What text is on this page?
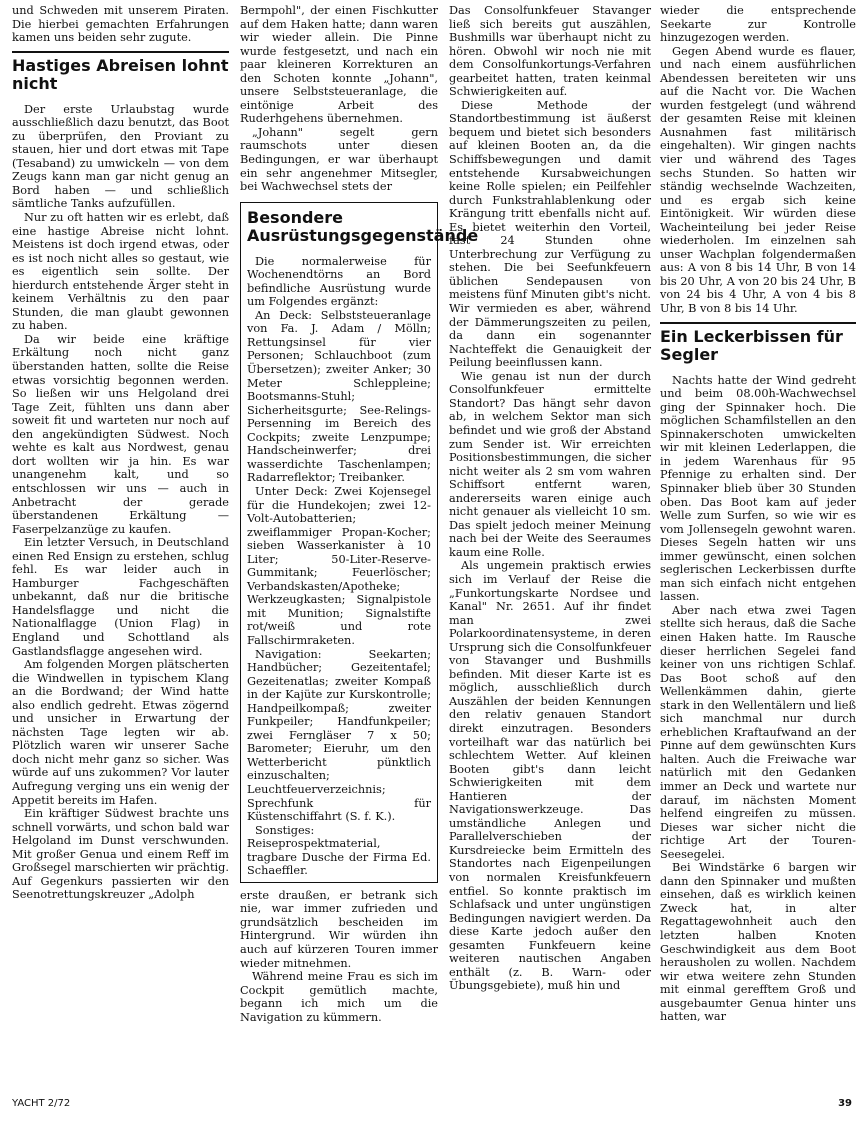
und Schweden mit unserem Piraten. Die hierbei gemachten Erfahrungen kamen uns beiden sehr zugute.

Hastiges Abreisen lohnt nicht

Der erste Urlaubstag wurde ausschließlich dazu benutzt, das Boot zu überprüfen, den Proviant zu stauen, hier und dort etwas mit Tape (Tesaband) zu umwickeln — von dem Zeugs kann man gar nicht genug an Bord haben — und schließlich sämtliche Tanks aufzufüllen.

Nur zu oft hatten wir es erlebt, daß eine hastige Abreise nicht lohnt. Meistens ist doch irgend etwas, oder es ist noch nicht alles so gestaut, wie es eigentlich sein sollte. Der hierdurch entstehende Ärger steht in keinem Verhältnis zu den paar Stunden, die man glaubt gewonnen zu haben.

Da wir beide eine kräftige Erkältung noch nicht ganz überstanden hatten, sollte die Reise etwas vorsichtig begonnen werden. So ließen wir uns Helgoland drei Tage Zeit, fühlten uns dann aber soweit fit und warteten nur noch auf den angekündigten Südwest. Noch wehte es kalt aus Nordwest, genau dort wollten wir ja hin. Es war unangenehm kalt, und so entschlossen wir uns — auch in Anbetracht der gerade überstandenen Erkältung — Faserpelzanzüge zu kaufen.

Ein letzter Versuch, in Deutschland einen Red Ensign zu erstehen, schlug fehl. Es war leider auch in Hamburger Fachgeschäften unbekannt, daß nur die britische Handelsflagge und nicht die Nationalflagge (Union Flag) in England und Schottland als Gastlandsflagge angesehen wird.

Am folgenden Morgen plätscherten die Windwellen in typischem Klang an die Bordwand; der Wind hatte also endlich gedreht. Etwas zögernd und unsicher in Erwartung der nächsten Tage legten wir ab. Plötzlich waren wir unserer Sache doch nicht mehr ganz so sicher. Was würde auf uns zukommen? Vor lauter Aufregung verging uns ein wenig der Appetit bereits im Hafen.

Ein kräftiger Südwest brachte uns schnell vorwärts, und schon bald war Helgoland im Dunst verschwunden. Mit großer Genua und einem Reff im Großsegel marschierten wir prächtig. Auf Gegenkurs passierten wir den Seenotrettungskreuzer „Adolph

Bermpohl", der einen Fischkutter auf dem Haken hatte; dann waren wir wieder allein. Die Pinne wurde festgesetzt, und nach ein paar kleineren Korrekturen an den Schoten konnte „Johann", unsere Selbststeueranlage, die eintönige Arbeit des Ruderhgehens übernehmen.

„Johann" segelt gern raumschots unter diesen Bedingungen, er war überhaupt ein sehr angenehmer Mitsegler, bei Wachwechsel stets der

Besondere Ausrüstungsgegenstände

Die normalerweise für Wochenendtörns an Bord befindliche Ausrüstung wurde um Folgendes ergänzt:

An Deck: Selbststeueranlage von Fa. J. Adam / Mölln; Rettungsinsel für vier Personen; Schlauchboot (zum Übersetzen); zweiter Anker; 30 Meter Schleppleine; Bootsmanns-Stuhl; Sicherheitsgurte; See-Relings-Persenning im Bereich des Cockpits; zweite Lenzpumpe; Handscheinwerfer; drei wasserdichte Taschenlampen; Radarreflektor; Treibanker.

Unter Deck: Zwei Kojensegel für die Hundekojen; zwei 12-Volt-Autobatterien; zweiflammiger Propan-Kocher; sieben Wasserkanister à 10 Liter; 50-Liter-Reserve-Gummitank; Feuerlöscher; Verbandskasten/Apotheke; Werkzeugkasten; Signalpistole mit Munition; Signalstifte rot/weiß und rote Fallschirmraketen.

Navigation: Seekarten; Handbücher; Gezeitentafel; Gezeitenatlas; zweiter Kompaß in der Kajüte zur Kurskontrolle; Handpeilkompaß; zweiter Funkpeiler; Handfunkpeiler; zwei Ferngläser 7 x 50; Barometer; Eieruhr, um den Wetterbericht pünktlich einzuschalten; Leuchtfeuerverzeichnis; Sprechfunk für Küstenschiffahrt (S. f. K.).

Sonstiges: Reiseprospektmaterial, tragbare Dusche der Firma Ed. Schaeffler.

erste draußen, er betrank sich nie, war immer zufrieden und grundsätzlich bescheiden im Hintergrund. Wir würden ihn auch auf kürzeren Touren immer wieder mitnehmen.

Während meine Frau es sich im Cockpit gemütlich machte, begann ich mich um die Navigation zu kümmern.

Das Consolfunkfeuer Stavanger ließ sich bereits gut auszählen, Bushmills war überhaupt nicht zu hören. Obwohl wir noch nie mit dem Consolfunkortungs-Verfahren gearbeitet hatten, traten keinmal Schwierigkeiten auf.

Diese Methode der Standortbestimmung ist äußerst bequem und bietet sich besonders auf kleinen Booten an, da die Schiffsbewegungen und damit entstehende Kursabweichungen keine Rolle spielen; ein Peilfehler durch Funkstrahlablenkung oder Krängung tritt ebenfalls nicht auf. Es bietet weiterhin den Vorteil, fast 24 Stunden ohne Unterbrechung zur Verfügung zu stehen. Die bei Seefunkfeuern üblichen Sendepausen von meistens fünf Minuten gibt's nicht. Wir vermieden es aber, während der Dämmerungszeiten zu peilen, da dann ein sogenannter Nachteffekt die Genauigkeit der Peilung beeinflussen kann.

Wie genau ist nun der durch Consolfunkfeuer ermittelte Standort? Das hängt sehr davon ab, in welchem Sektor man sich befindet und wie groß der Abstand zum Sender ist. Wir erreichten Positionsbestimmungen, die sicher nicht weiter als 2 sm vom wahren Schiffsort entfernt waren, andererseits waren einige auch nicht genauer als vielleicht 10 sm. Das spielt jedoch meiner Meinung nach bei der Weite des Seeraumes kaum eine Rolle.

Als ungemein praktisch erwies sich im Verlauf der Reise die „Funkortungskarte Nordsee und Kanal" Nr. 2651. Auf ihr findet man zwei Polarkoordinatensysteme, in deren Ursprung sich die Consolfunkfeuer von Stavanger und Bushmills befinden. Mit dieser Karte ist es möglich, ausschließlich durch Auszählen der beiden Kennungen den relativ genauen Standort direkt einzutragen. Besonders vorteilhaft war das natürlich bei schlechtem Wetter. Auf kleinen Booten gibt's dann leicht Schwierigkeiten mit dem Hantieren der Navigationswerkzeuge. Das umständliche Anlegen und Parallelverschieben der Kursdreiecke beim Ermitteln des Standortes nach Eigenpeilungen von normalen Kreisfunkfeuern entfiel. So konnte praktisch im Schlafsack und unter ungünstigen Bedingungen navigiert werden. Da diese Karte jedoch außer den gesamten Funkfeuern keine weiteren nautischen Angaben enthält (z. B. Warn- oder Übungsgebiete), muß hin und

wieder die entsprechende Seekarte zur Kontrolle hinzugezogen werden.

Gegen Abend wurde es flauer, und nach einem ausführlichen Abendessen bereiteten wir uns auf die Nacht vor. Die Wachen wurden festgelegt (und während der gesamten Reise mit kleinen Ausnahmen fast militärisch eingehalten). Wir gingen nachts vier und während des Tages sechs Stunden. So hatten wir ständig wechselnde Wachzeiten, und es ergab sich keine Eintönigkeit. Wir würden diese Wacheinteilung bei jeder Reise wiederholen. Im einzelnen sah unser Wachplan folgendermaßen aus: A von 8 bis 14 Uhr, B von 14 bis 20 Uhr, A von 20 bis 24 Uhr, B von 24 bis 4 Uhr, A von 4 bis 8 Uhr, B von 8 bis 14 Uhr.

Ein Leckerbissen für Segler

Nachts hatte der Wind gedreht und beim 08.00h-Wachwechsel ging der Spinnaker hoch. Die möglichen Schamfilstellen an den Spinnakerschoten umwickelten wir mit kleinen Lederlappen, die in jedem Warenhaus für 95 Pfennige zu erhalten sind. Der Spinnaker blieb über 30 Stunden oben. Das Boot kam auf jeder Welle zum Surfen, so wie wir es vom Jollensegeln gewohnt waren. Dieses Segeln hatten wir uns immer gewünscht, einen solchen seglerischen Leckerbissen durfte man sich einfach nicht entgehen lassen.

Aber nach etwa zwei Tagen stellte sich heraus, daß die Sache einen Haken hatte. Im Rausche dieser herrlichen Segelei fand keiner von uns richtigen Schlaf. Das Boot schoß auf den Wellenkämmen dahin, gierte stark in den Wellentälern und ließ sich manchmal nur durch erheblichen Kraftaufwand an der Pinne auf dem gewünschten Kurs halten. Auch die Freiwache war natürlich mit den Gedanken immer an Deck und wartete nur darauf, im nächsten Moment helfend eingreifen zu müssen. Dieses war sicher nicht die richtige Art der Touren-Seesegelei.

Bei Windstärke 6 bargen wir dann den Spinnaker und mußten einsehen, daß es wirklich keinen Zweck hat, in alter Regattagewohnheit auch den letzten halben Knoten Geschwindigkeit aus dem Boot herausholen zu wollen. Nachdem wir etwa weitere zehn Stunden mit einmal gerefftem Groß und ausgebaumter Genua hinter uns hatten, war

YACHT 2/72	39
